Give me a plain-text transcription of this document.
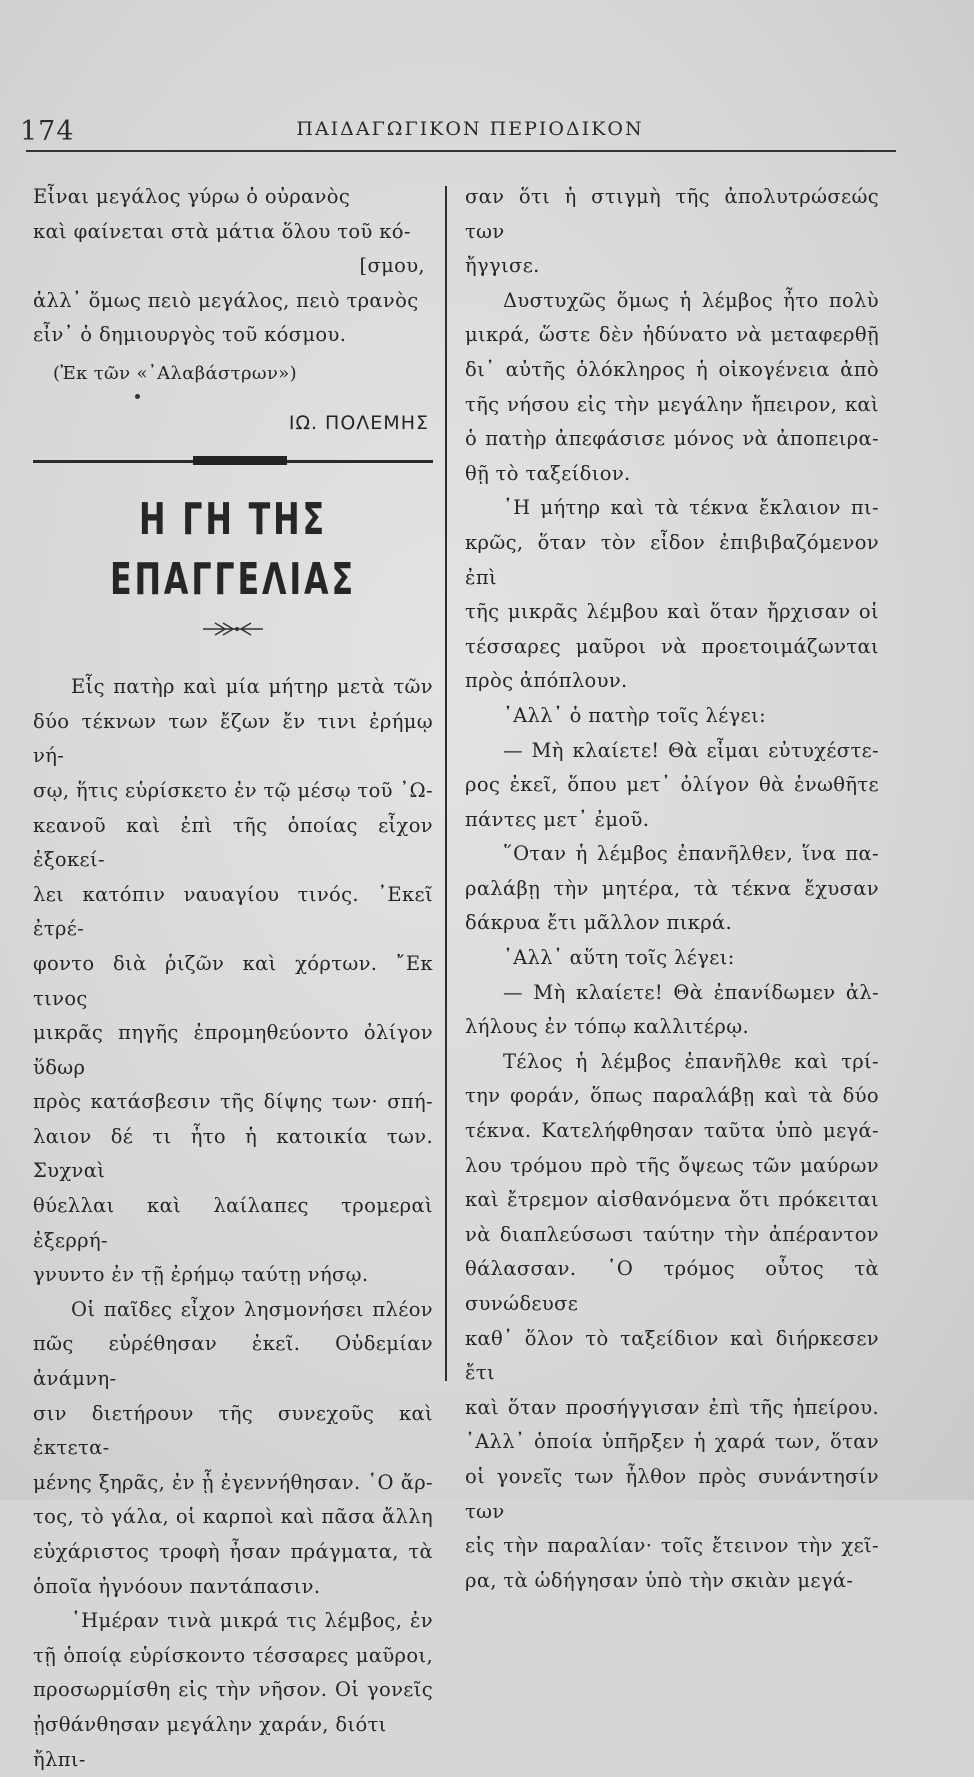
174	ΠΑΙΔΑΓΩΓΙΚΟΝ ΠΕΡΙΟΔΙΚΟΝ
Εἶναι μεγάλος γύρω ὁ οὐρανὸς
καὶ φαίνεται στὰ μάτια ὅλου τοῦ κό-
[σμου,
ἀλλ᾽ ὅμως πειὸ μεγάλος, πειὸ τρανὸς
εἶν᾽ ὁ δημιουργὸς τοῦ κόσμου.
(Ἐκ τῶν «᾽Αλαβάστρων»)
ΙΩ. ΠΟΛΕΜΗΣ
Η ΓΗ ΤΗΣ ΕΠΑΓΓΕΛΙΑΣ

Εἷς πατὴρ καὶ μία μήτηρ μετὰ τῶν
δύο τέκνων των ἔζων ἔν τινι ἐρήμῳ νή-
σῳ, ἥτις εὑρίσκετο ἐν τῷ μέσῳ τοῦ ᾽Ω-
κεανοῦ καὶ ἐπὶ τῆς ὁποίας εἶχον ἐξοκεί-
λει κατόπιν ναυαγίου τινός. ᾽Εκεῖ ἐτρέ-
φοντο διὰ ῥιζῶν καὶ χόρτων. ῎Εκ τινος
μικρᾶς πηγῆς ἐπρομηθεύοντο ὀλίγον ὕδωρ
πρὸς κατάσβεσιν τῆς δίψης των· σπή-
λαιον δέ τι ἦτο ἡ κατοικία των. Συχναὶ
θύελλαι καὶ λαίλαπες τρομεραὶ ἐξερρή-
γνυντο ἐν τῇ ἐρήμῳ ταύτῃ νήσῳ.

Οἱ παῖδες εἶχον λησμονήσει πλέον
πῶς εὑρέθησαν ἐκεῖ. Οὐδεμίαν ἀνάμνη-
σιν διετήρουν τῆς συνεχοῦς καὶ ἐκτετα-
μένης ξηρᾶς, ἐν ᾗ ἐγεννήθησαν. ῾Ο ἄρ-
τος, τὸ γάλα, οἱ καρποὶ καὶ πᾶσα ἄλλη
εὐχάριστος τροφὴ ἦσαν πράγματα, τὰ
ὁποῖα ἠγνόουν παντάπασιν.

῾Ημέραν τινὰ μικρά τις λέμβος, ἐν
τῇ ὁποίᾳ εὑρίσκοντο τέσσαρες μαῦροι,
προσωρμίσθη εἰς τὴν νῆσον. Οἱ γονεῖς
ᾐσθάνθησαν μεγάλην χαράν, διότι ἤλπι-

σαν ὅτι ἡ στιγμὴ τῆς ἀπολυτρώσεώς των
ἤγγισε.

Δυστυχῶς ὅμως ἡ λέμβος ἦτο πολὺ
μικρά, ὥστε δὲν ἠδύνατο νὰ μεταφερθῇ
δι᾽ αὐτῆς ὁλόκληρος ἡ οἰκογένεια ἀπὸ
τῆς νήσου εἰς τὴν μεγάλην ἤπειρον, καὶ
ὁ πατὴρ ἀπεφάσισε μόνος νὰ ἀποπειρα-
θῇ τὸ ταξείδιον.

῾Η μήτηρ καὶ τὰ τέκνα ἔκλαιον πι-
κρῶς, ὅταν τὸν εἶδον ἐπιβιβαζόμενον ἐπὶ
τῆς μικρᾶς λέμβου καὶ ὅταν ἤρχισαν οἱ
τέσσαρες μαῦροι νὰ προετοιμάζωνται
πρὸς ἀπόπλουν.

᾽Αλλ᾽ ὁ πατὴρ τοῖς λέγει:

— Μὴ κλαίετε! Θὰ εἶμαι εὐτυχέστε-
ρος ἐκεῖ, ὅπου μετ᾽ ὀλίγον θὰ ἑνωθῆτε
πάντες μετ᾽ ἐμοῦ.

῞Οταν ἡ λέμβος ἐπανῆλθεν, ἵνα πα-
ραλάβῃ τὴν μητέρα, τὰ τέκνα ἔχυσαν
δάκρυα ἔτι μᾶλλον πικρά.

᾽Αλλ᾽ αὕτη τοῖς λέγει:

— Μὴ κλαίετε! Θὰ ἐπανίδωμεν ἀλ-
λήλους ἐν τόπῳ καλλιτέρῳ.

Τέλος ἡ λέμβος ἐπανῆλθε καὶ τρί-
την φοράν, ὅπως παραλάβῃ καὶ τὰ δύο
τέκνα. Κατελήφθησαν ταῦτα ὑπὸ μεγά-
λου τρόμου πρὸ τῆς ὄψεως τῶν μαύρων
καὶ ἔτρεμον αἰσθανόμενα ὅτι πρόκειται
νὰ διαπλεύσωσι ταύτην τὴν ἀπέραντον
θάλασσαν. ῾Ο τρόμος οὗτος τὰ συνώδευσε
καθ᾽ ὅλον τὸ ταξείδιον καὶ διήρκεσεν ἔτι
καὶ ὅταν προσήγγισαν ἐπὶ τῆς ἠπείρου.
᾽Αλλ᾽ ὁποία ὑπῆρξεν ἡ χαρά των, ὅταν
οἱ γονεῖς των ἦλθον πρὸς συνάντησίν των
εἰς τὴν παραλίαν· τοῖς ἔτεινον τὴν χεῖ-
ρα, τὰ ὡδήγησαν ὑπὸ τὴν σκιὰν μεγά-
